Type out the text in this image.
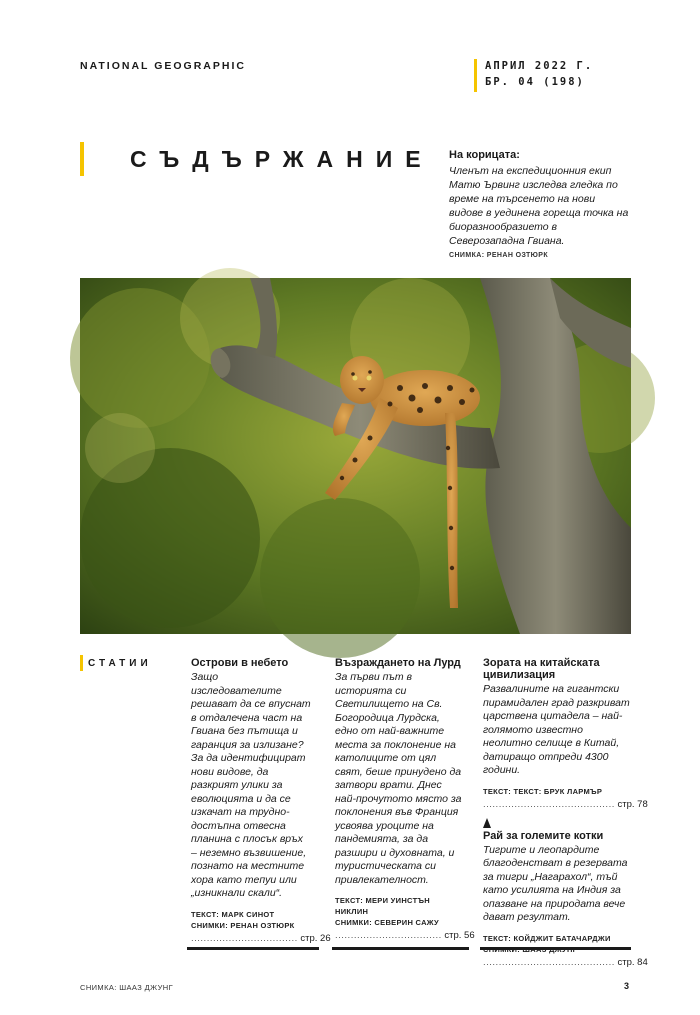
NATIONAL GEOGRAPHIC	АПРИЛ 2022 Г.
БР. 04 (198)
СЪДЪРЖАНИЕ На корицата:
Членът на експедиционния екип Матю Ървинг изследва гледка по време на търсенето на нови видове в уединена гореща точка на биоразнообразието в Северозападна Гвиана.
СНИМКА: РЕНАН ОЗТЮРК
СТАТИИ	Острови в небето
Защо изследователите решават да се впуснат в отдалечена част на Гвиана без пътища и гаранция за излизане? За да идентифицират нови видове, да разкрият улики за еволюцията и да се изкачат на трудно-достъпна отвесна планина с плосък връх – неземно възвишение, познато на местните хора като тепуи или „изникнали скали“.
ТЕКСТ: МАРК СИНОТ
СНИМКИ: РЕНАН ОЗТЮРК
.................................. стр. 26
Възраждането на Лурд
За първи път в историята си Светилището на Св. Богородица Лурдска, едно от най-важните места за поклонение на католиците от цял свят, беше принудено да затвори врати. Днес най-прочутото място за поклонения във Франция усвоява уроците на пандемията, за да разшири и духовната, и туристическата си привлекателност.
ТЕКСТ: МЕРИ УИНСТЪН НИКЛИН
СНИМКИ: СЕВЕРИН САЖУ
.................................. стр. 56
Зората на китайската цивилизация
Развалините на гигантски пирамидален град разкриват царствена цитадела – най-голямото известно неолитно селище в Китай, датиращо отпреди 4300 години.
ТЕКСТ: ТЕКСТ: БРУК ЛАРМЪР
.......................................... стр. 78
Рай за големите котки
Тигрите и леопардите благоденстват в резервата за тигри „Нагарахол“, тъй като усилията на Индия за опазване на природата вече дават резултат.
ТЕКСТ: КОЙДЖИТ БАТАЧАРДЖИ
.......................................... стр. 84
СНИМКА: ШААЗ ДЖУНГ	3
